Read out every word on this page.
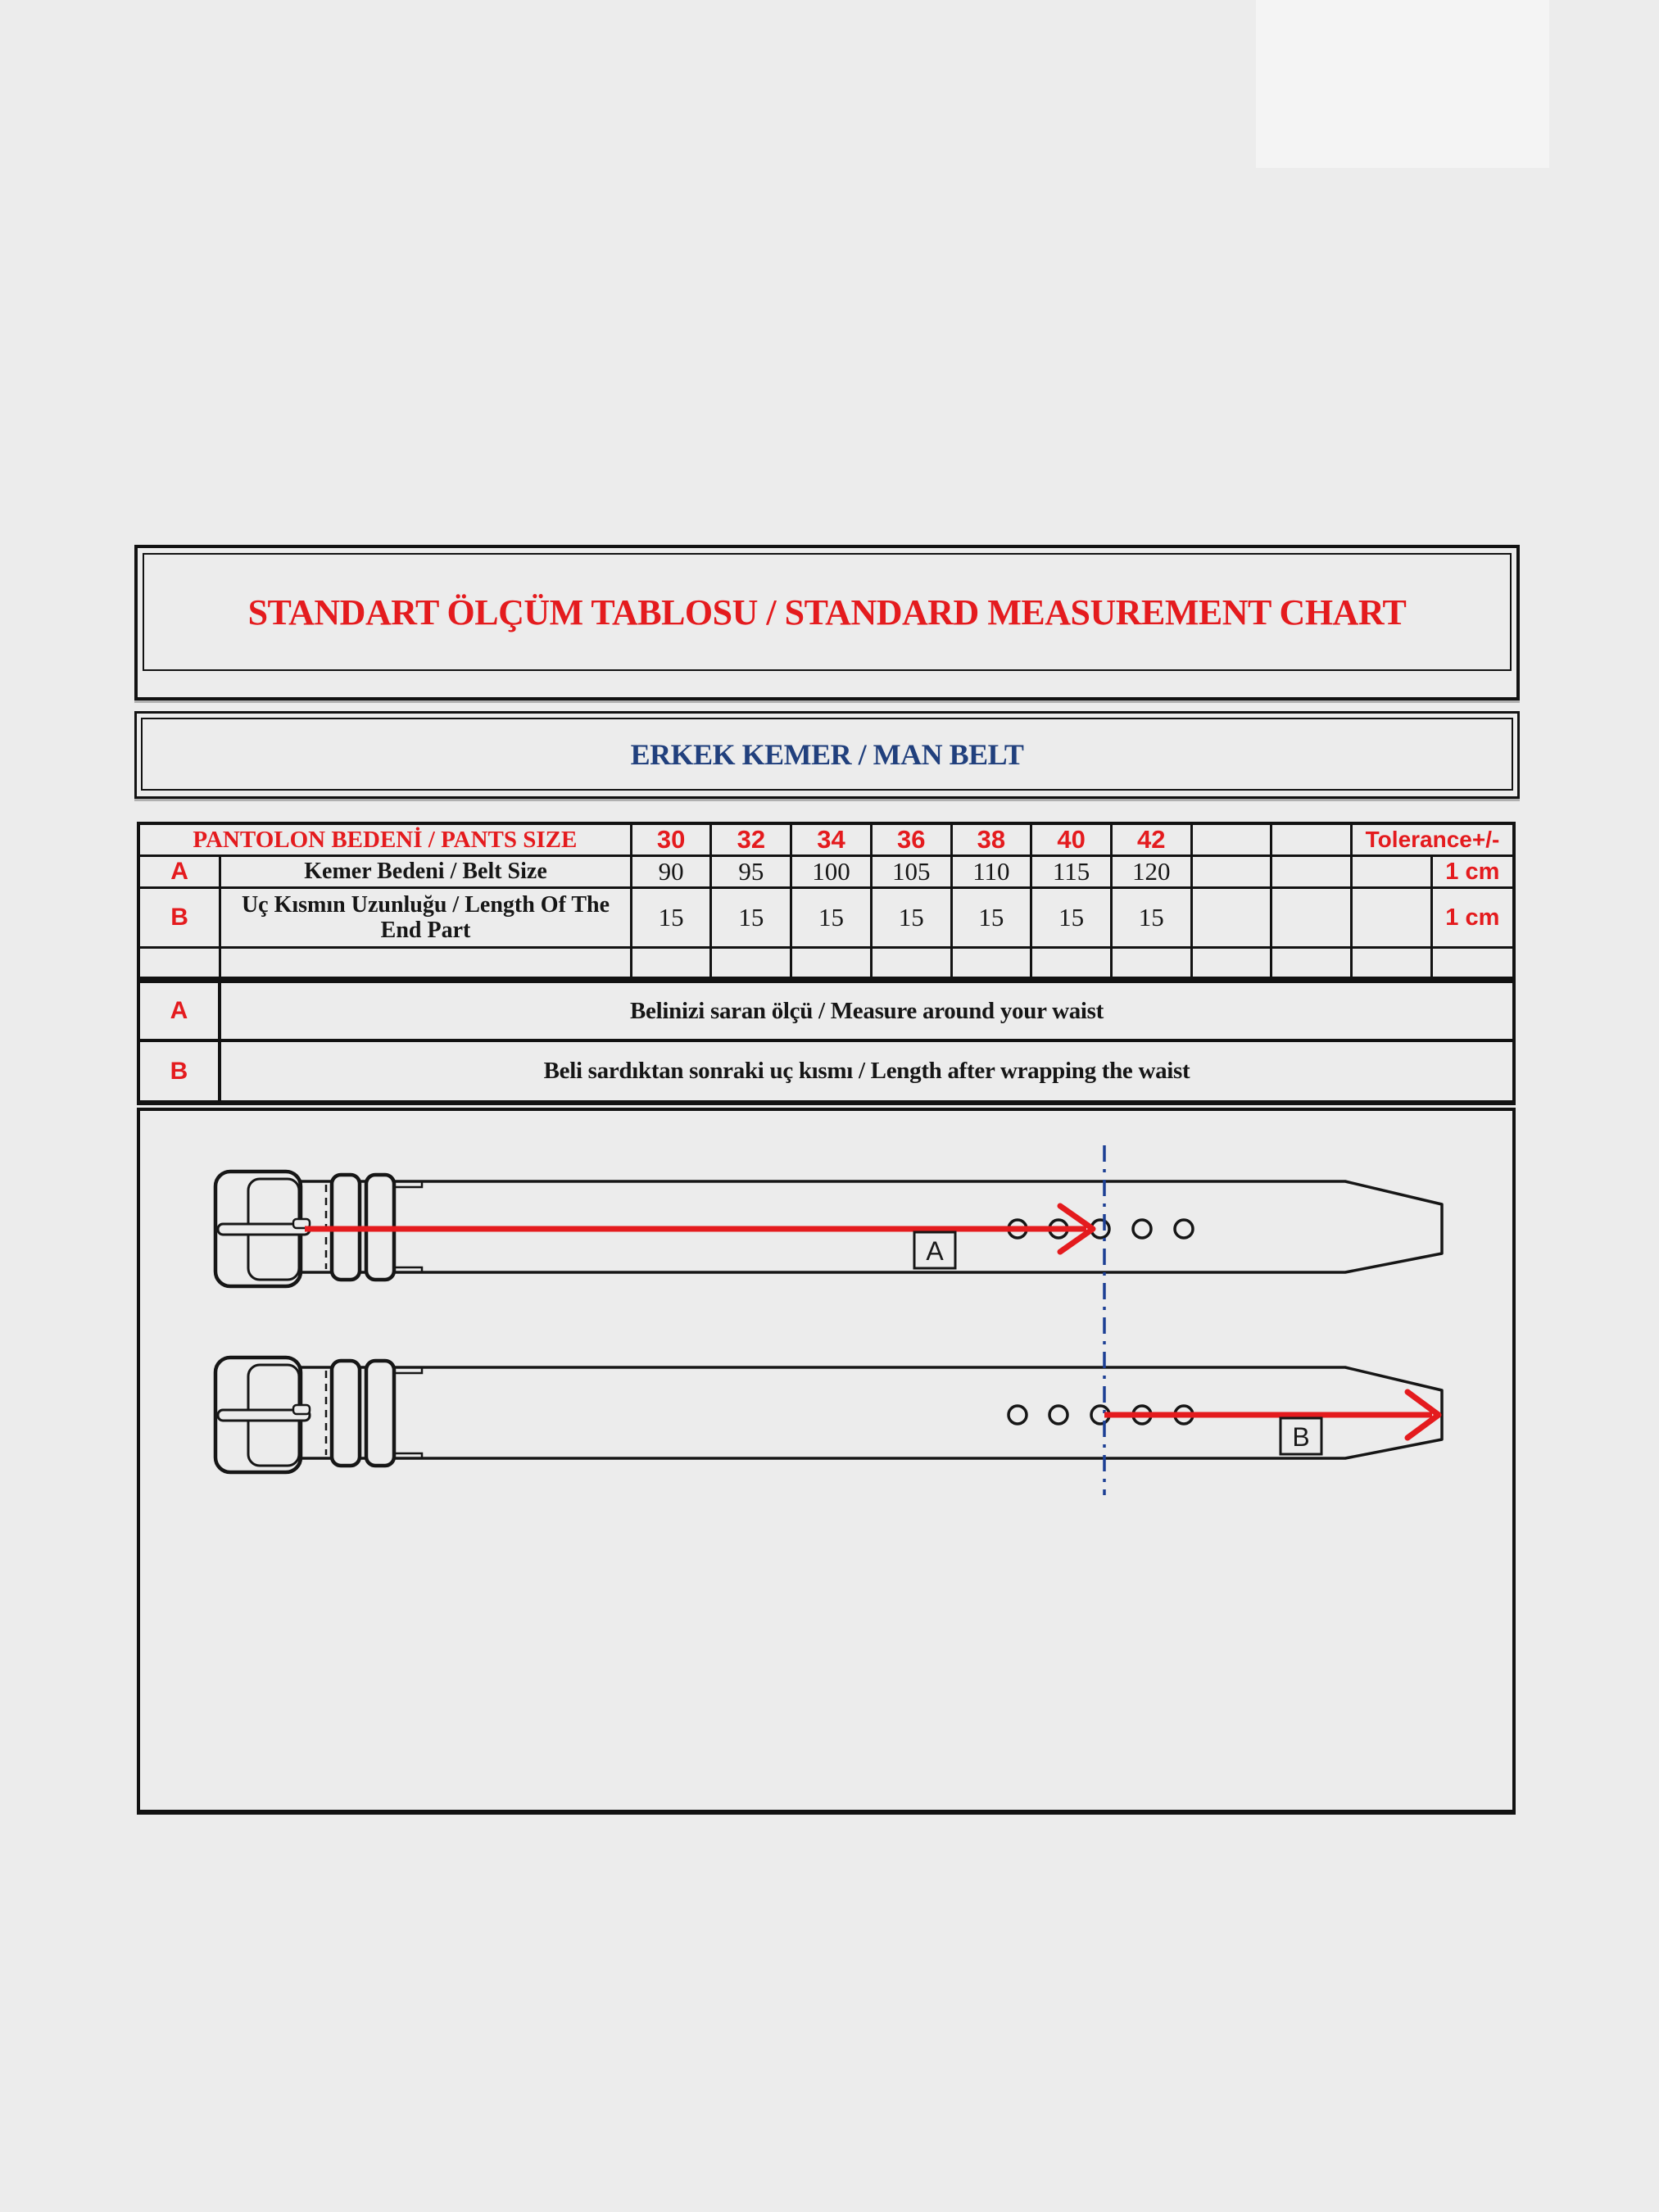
STANDART ÖLÇÜM TABLOSU / STANDARD MEASUREMENT CHART
ERKEK KEMER / MAN BELT
PANTOLON BEDENİ / PANTS SIZE		30	32	34	36	38	40	42			Tolerance+/-	
A	Kemer Bedeni / Belt Size	90	95	100	105	110	115	120				1 cm
B	Uç Kısmın Uzunluğu / Length Of The End Part	15	15	15	15	15	15	15				1 cm

A	Belinizi saran ölçü / Measure around your waist
B	Beli sardıktan sonraki uç kısmı / Length after wrapping the waist
A
B
